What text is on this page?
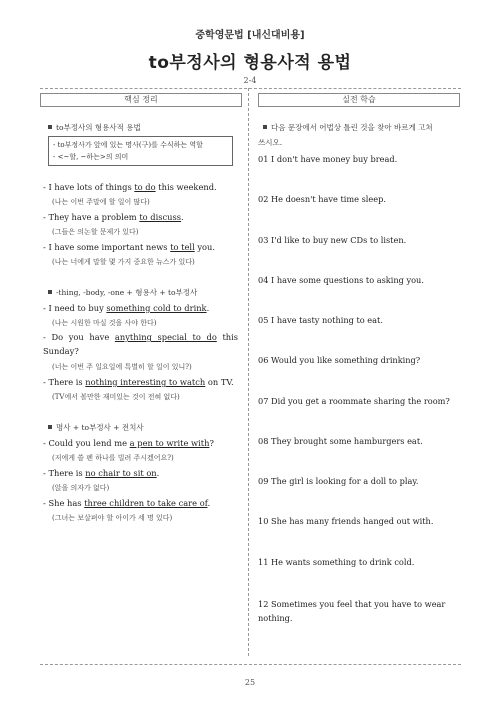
중학영문법 [내신대비용]
to부정사의 형용사적 용법
2-4
핵심 정리	실전 학습
to부정사의 형용사적 용법
- to부정사가 앞에 있는 명사(구)를 수식하는 역할
- <~할, ~하는>의 의미
- I have lots of things to do this weekend.
(나는 이번 주말에 할 일이 많다)
- They have a problem to discuss.
(그들은 의논할 문제가 있다)
- I have some important news to tell you.
(나는 너에게 말할 몇 가지 중요한 뉴스가 있다)
-thing, -body, -one + 형용사 + to부정사
- I need to buy something cold to drink.
(나는 시원한 마실 것을 사야 한다)
- Do you have anything special to do this
Sunday?
(너는 이번 주 일요일에 특별히 할 일이 있니?)
- There is nothing interesting to watch on TV.
(TV에서 볼만한 재미있는 것이 전혀 없다)
명사 + to부정사 + 전치사
- Could you lend me a pen to write with?
(저에게 쓸 펜 하나를 빌려 주시겠어요?)
- There is no chair to sit on.
(앉을 의자가 없다)
- She has three children to take care of.
(그녀는 보살펴야 할 아이가 세 명 있다)
다음 문장에서 어법상 틀린 것을 찾아 바르게 고쳐
쓰시오.
01 I don't have money buy bread.
02 He doesn't have time sleep.
03 I'd like to buy new CDs to listen.
04 I have some questions to asking you.
05 I have tasty nothing to eat.
06 Would you like something drinking?
07 Did you get a roommate sharing the room?
08 They brought some hamburgers eat.
09 The girl is looking for a doll to play.
10 She has many friends hanged out with.
11 He wants something to drink cold.
12 Sometimes you feel that you have to wear
nothing.
25
